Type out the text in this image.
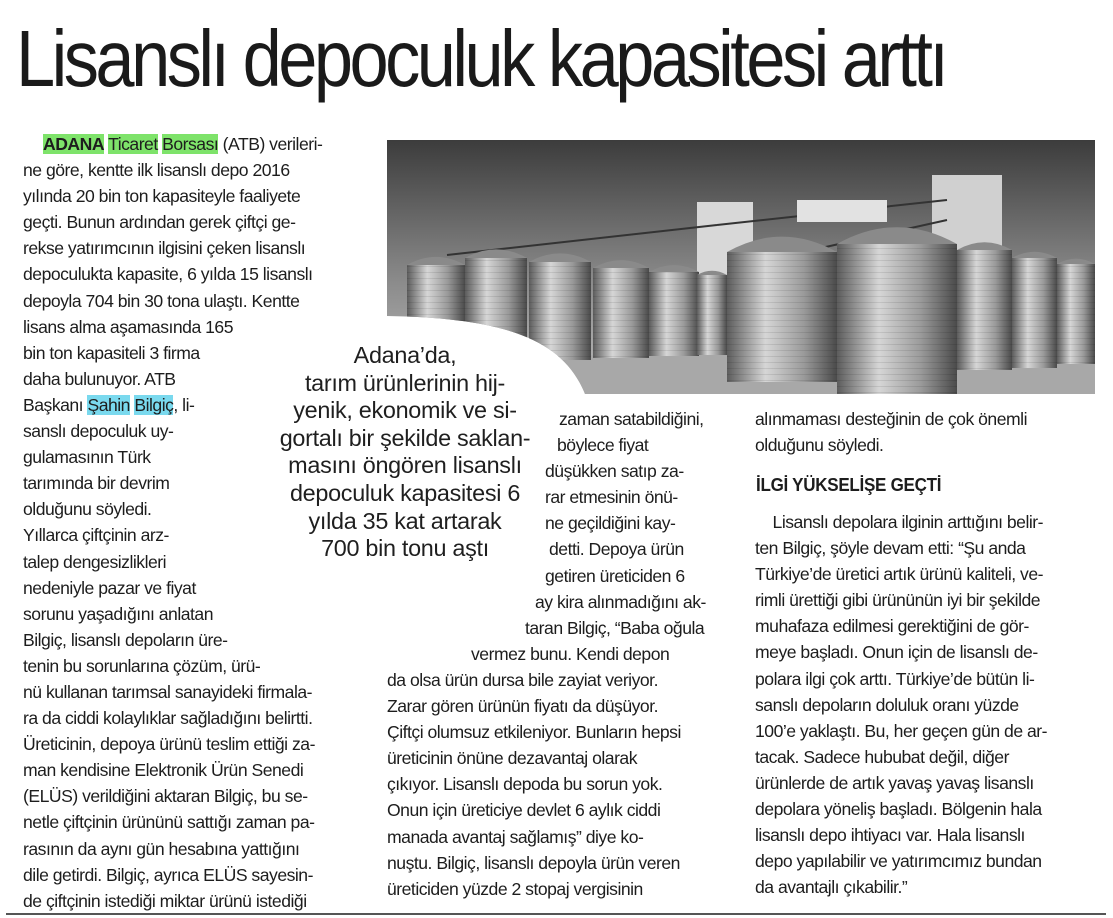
Lisanslı depoculuk kapasitesi arttı

ADANA Ticaret Borsası (ATB) verileri-

ne göre, kentte ilk lisanslı depo 2016

yılında 20 bin ton kapasiteyle faaliyete

geçti. Bunun ardından gerek çiftçi ge-

rekse yatırımcının ilgisini çeken lisanslı

depoculukta kapasite, 6 yılda 15 lisanslı

depoyla 704 bin 30 tona ulaştı. Kentte

lisans alma aşamasında 165

bin ton kapasiteli 3 firma

daha bulunuyor. ATB

Başkanı Şahin Bilgiç, li-

sanslı depoculuk uy-

gulamasının Türk

tarımında bir devrim

olduğunu söyledi.

Yıllarca çiftçinin arz-

talep dengesizlikleri

nedeniyle pazar ve fiyat

sorunu yaşadığını anlatan

Bilgiç, lisanslı depoların üre-

tenin bu sorunlarına çözüm, ürü-

nü kullanan tarımsal sanayideki firmala-

ra da ciddi kolaylıklar sağladığını belirtti.

Üreticinin, depoya ürünü teslim ettiği za-

man kendisine Elektronik Ürün Senedi

(ELÜS) verildiğini aktaran Bilgiç, bu se-

netle çiftçinin ürününü sattığı zaman pa-

rasının da aynı gün hesabına yattığını

dile getirdi. Bilgiç, ayrıca ELÜS sayesin-

de çiftçinin istediği miktar ürünü istediği

Adana’da,

tarım ürünlerinin hij-

yenik, ekonomik ve si-

gortalı bir şekilde saklan-

masını öngören lisanslı

depoculuk kapasitesi 6

yılda 35 kat artarak

700 bin tonu aştı

zaman satabildiğini,

böylece fiyat

düşükken satıp za-

rar etmesinin önü-

ne geçildiğini kay-

detti. Depoya ürün

getiren üreticiden 6

ay kira alınmadığını ak-

taran Bilgiç, “Baba oğula

vermez bunu. Kendi depon

da olsa ürün dursa bile zayiat veriyor.

Zarar gören ürünün fiyatı da düşüyor.

Çiftçi olumsuz etkileniyor. Bunların hepsi

üreticinin önüne dezavantaj olarak

çıkıyor. Lisanslı depoda bu sorun yok.

Onun için üreticiye devlet 6 aylık ciddi

manada avantaj sağlamış” diye ko-

nuştu. Bilgiç, lisanslı depoyla ürün veren

üreticiden yüzde 2 stopaj vergisinin

alınmaması desteğinin de çok önemli

olduğunu söyledi.

İLGİ YÜKSELİŞE GEÇTİ

Lisanslı depolara ilginin arttığını belir-

ten Bilgiç, şöyle devam etti: “Şu anda

Türkiye’de üretici artık ürünü kaliteli, ve-

rimli ürettiği gibi ürününün iyi bir şekilde

muhafaza edilmesi gerektiğini de gör-

meye başladı. Onun için de lisanslı de-

polara ilgi çok arttı. Türkiye’de bütün li-

sanslı depoların doluluk oranı yüzde

100’e yaklaştı. Bu, her geçen gün de ar-

tacak. Sadece hububat değil, diğer

ürünlerde de artık yavaş yavaş lisanslı

depolara yöneliş başladı. Bölgenin hala

lisanslı depo ihtiyacı var. Hala lisanslı

depo yapılabilir ve yatırımcımız bundan

da avantajlı çıkabilir.”
